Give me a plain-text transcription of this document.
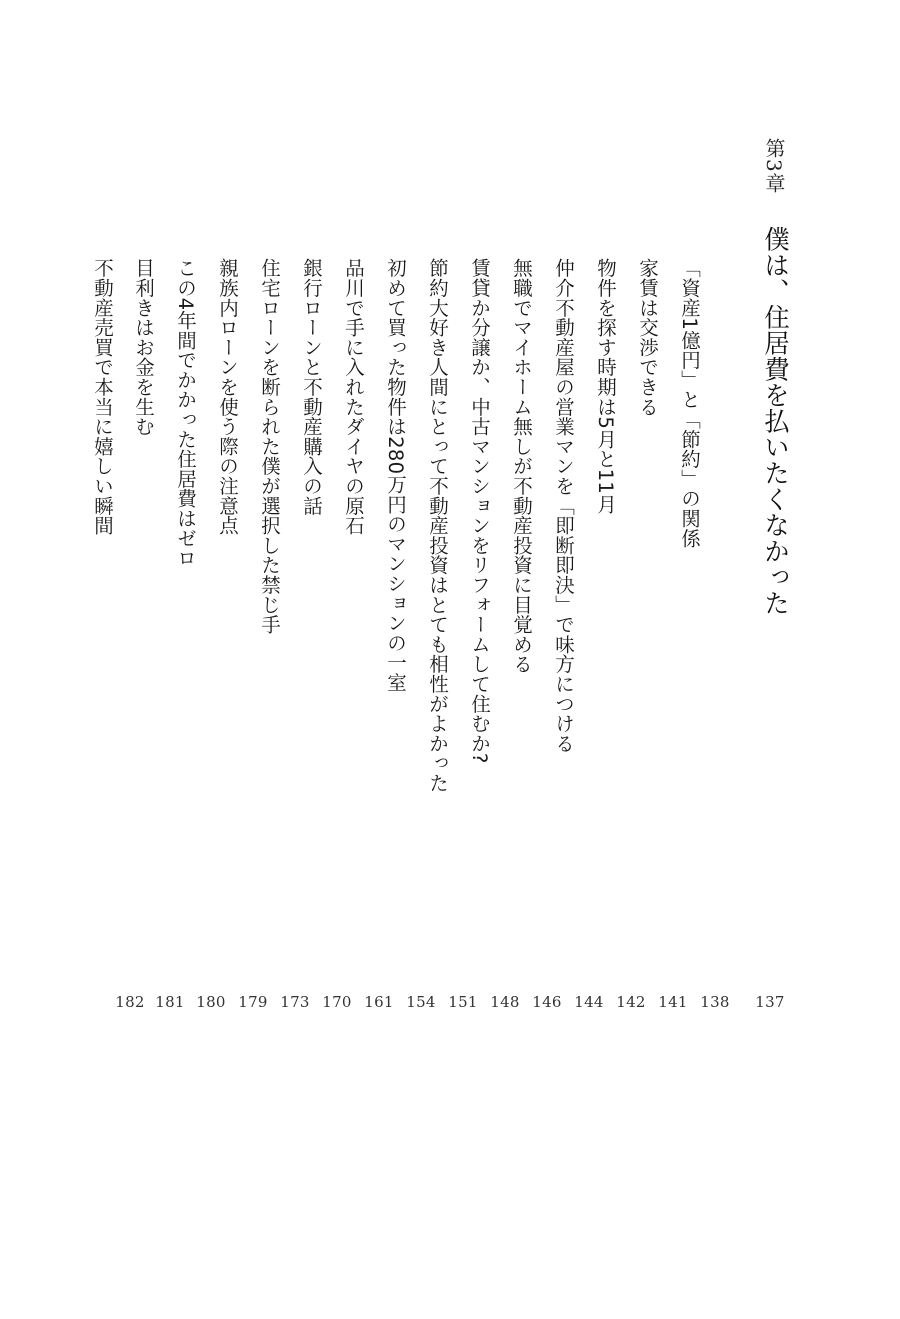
第3章
僕は、住居費を払いたくなかった
137
「資産1億円」と「節約」の関係
138
家賃は交渉できる
141
物件を探す時期は5月と11月
142
仲介不動産屋の営業マンを「即断即決」で味方につける
144
無職でマイホーム無しが不動産投資に目覚める
146
賃貸か分譲か、中古マンションをリフォームして住むか?
148
節約大好き人間にとって不動産投資はとても相性がよかった
151
初めて買った物件は280万円のマンションの一室
154
品川で手に入れたダイヤの原石
161
銀行ローンと不動産購入の話
170
住宅ローンを断られた僕が選択した禁じ手
173
親族内ローンを使う際の注意点
179
この4年間でかかった住居費はゼロ
180
目利きはお金を生む
181
不動産売買で本当に嬉しい瞬間
182
